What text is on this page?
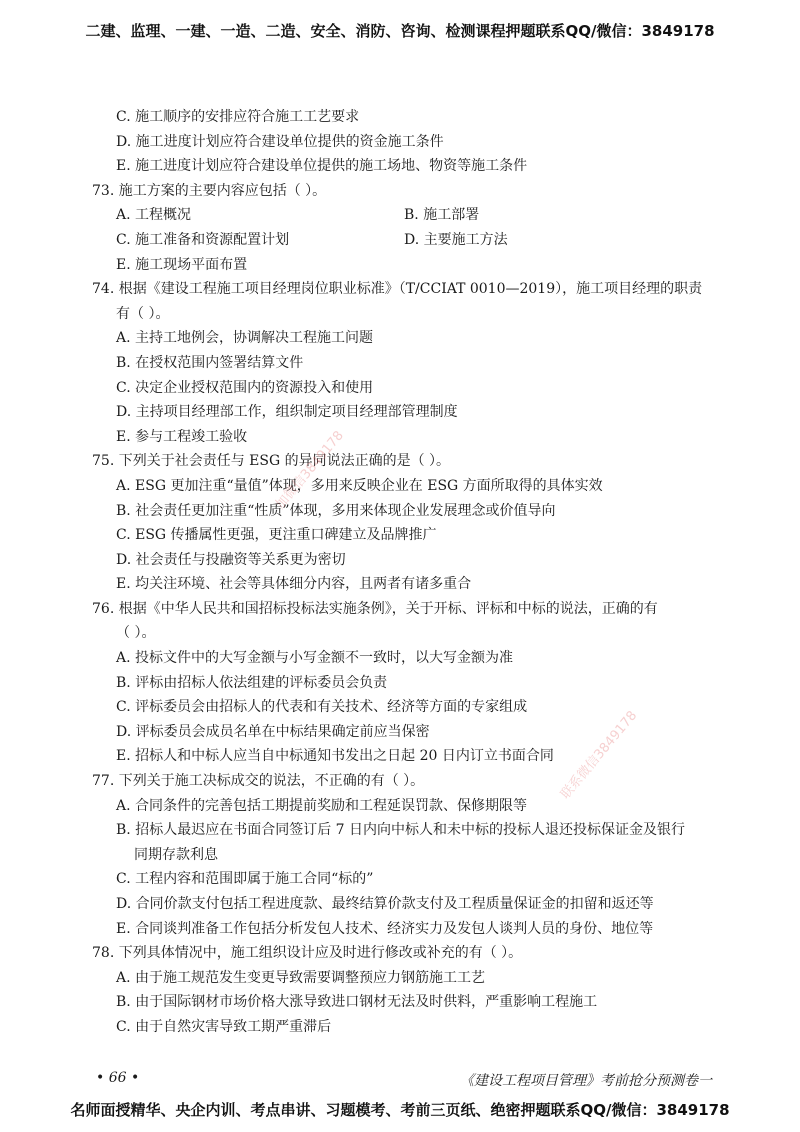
二建、监理、一建、一造、二造、安全、消防、咨询、检测课程押题联系QQ/微信：3849178
C. 施工顺序的安排应符合施工工艺要求
D. 施工进度计划应符合建设单位提供的资金施工条件
E. 施工进度计划应符合建设单位提供的施工场地、物资等施工条件
73. 施工方案的主要内容应包括（ ）。
A. 工程概况	B. 施工部署
C. 施工准备和资源配置计划	D. 主要施工方法
E. 施工现场平面布置
74. 根据《建设工程施工项目经理岗位职业标准》（T/CCIAT 0010—2019），施工项目经理的职责
有（ ）。
A. 主持工地例会，协调解决工程施工问题
B. 在授权范围内签署结算文件
C. 决定企业授权范围内的资源投入和使用
D. 主持项目经理部工作，组织制定项目经理部管理制度
E. 参与工程竣工验收
75. 下列关于社会责任与 ESG 的异同说法正确的是（ ）。
A. ESG 更加注重“量值”体现，多用来反映企业在 ESG 方面所取得的具体实效
B. 社会责任更加注重“性质”体现，多用来体现企业发展理念或价值导向
C. ESG 传播属性更强，更注重口碑建立及品牌推广
D. 社会责任与投融资等关系更为密切
E. 均关注环境、社会等具体细分内容，且两者有诸多重合
76. 根据《中华人民共和国招标投标法实施条例》，关于开标、评标和中标的说法，正确的有
（ ）。
A. 投标文件中的大写金额与小写金额不一致时，以大写金额为准
B. 评标由招标人依法组建的评标委员会负责
C. 评标委员会由招标人的代表和有关技术、经济等方面的专家组成
D. 评标委员会成员名单在中标结果确定前应当保密
E. 招标人和中标人应当自中标通知书发出之日起 20 日内订立书面合同
77. 下列关于施工决标成交的说法，不正确的有（ ）。
A. 合同条件的完善包括工期提前奖励和工程延误罚款、保修期限等
B. 招标人最迟应在书面合同签订后 7 日内向中标人和未中标的投标人退还投标保证金及银行
同期存款利息
C. 工程内容和范围即属于施工合同“标的”
D. 合同价款支付包括工程进度款、最终结算价款支付及工程质量保证金的扣留和返还等
E. 合同谈判准备工作包括分析发包人技术、经济实力及发包人谈判人员的身份、地位等
78. 下列具体情况中，施工组织设计应及时进行修改或补充的有（ ）。
A. 由于施工规范发生变更导致需要调整预应力钢筋施工工艺
B. 由于国际钢材市场价格大涨导致进口钢材无法及时供料，严重影响工程施工
C. 由于自然灾害导致工期严重滞后
加微信3849178
联系微信3849178
• 66 •	《建设工程项目管理》考前抢分预测卷一
名师面授精华、央企内训、考点串讲、习题模考、考前三页纸、绝密押题联系QQ/微信：3849178
